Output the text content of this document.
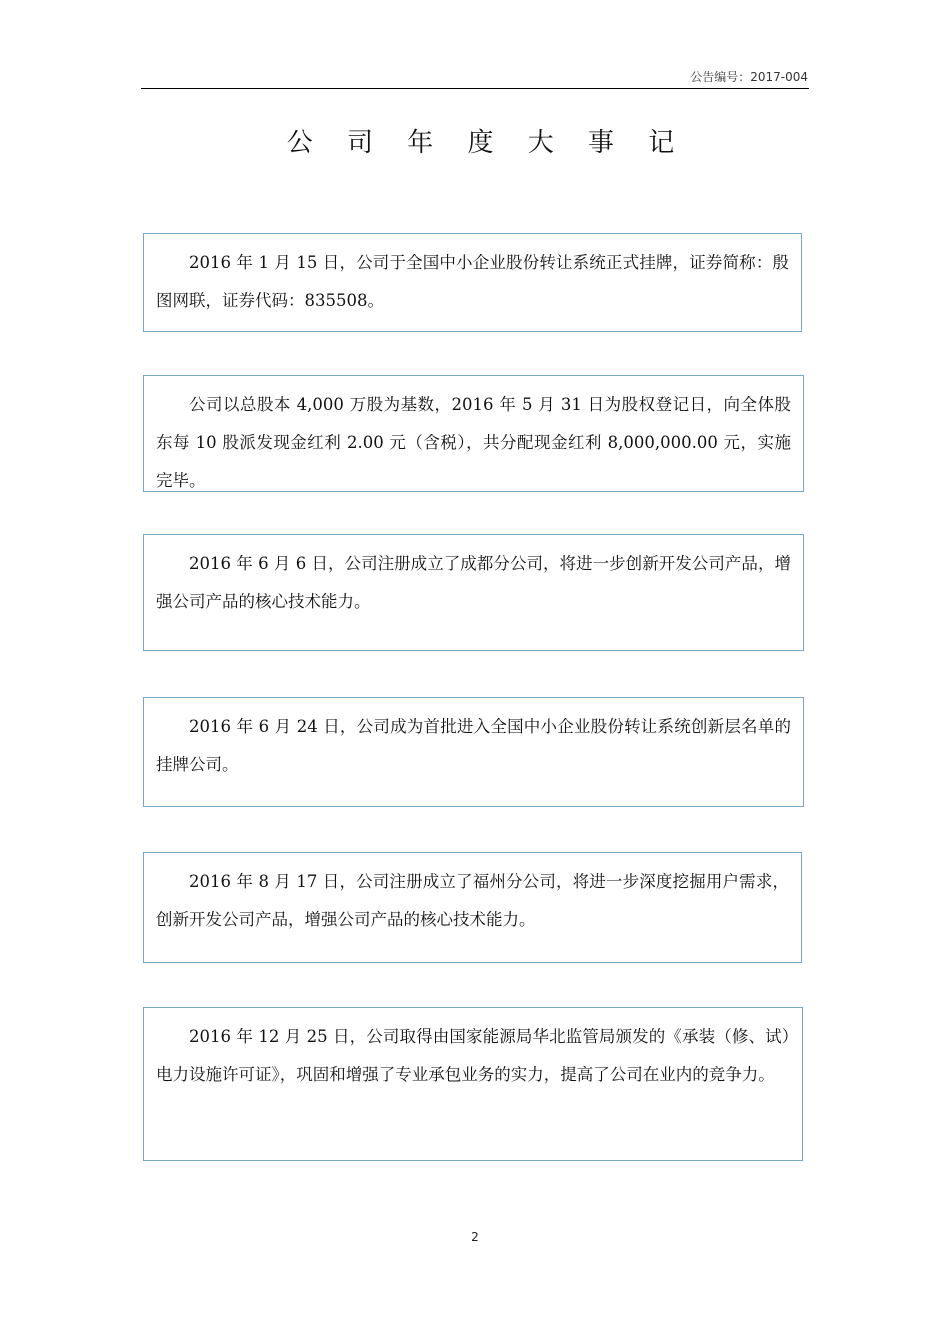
公告编号：2017-004
公 司 年 度 大 事 记

2016 年 1 月 15 日，公司于全国中小企业股份转让系统正式挂牌，证券简称：殷图网联，证券代码：835508。

公司以总股本 4,000 万股为基数，2016 年 5 月 31 日为股权登记日，向全体股东每 10 股派发现金红利 2.00 元（含税），共分配现金红利 8,000,000.00 元，实施完毕。

2016 年 6 月 6 日，公司注册成立了成都分公司，将进一步创新开发公司产品，增强公司产品的核心技术能力。

2016 年 6 月 24 日，公司成为首批进入全国中小企业股份转让系统创新层名单的挂牌公司。

2016 年 8 月 17 日，公司注册成立了福州分公司，将进一步深度挖掘用户需求，创新开发公司产品，增强公司产品的核心技术能力。

2016 年 12 月 25 日，公司取得由国家能源局华北监管局颁发的《承装（修、试）电力设施许可证》，巩固和增强了专业承包业务的实力，提高了公司在业内的竞争力。

2
